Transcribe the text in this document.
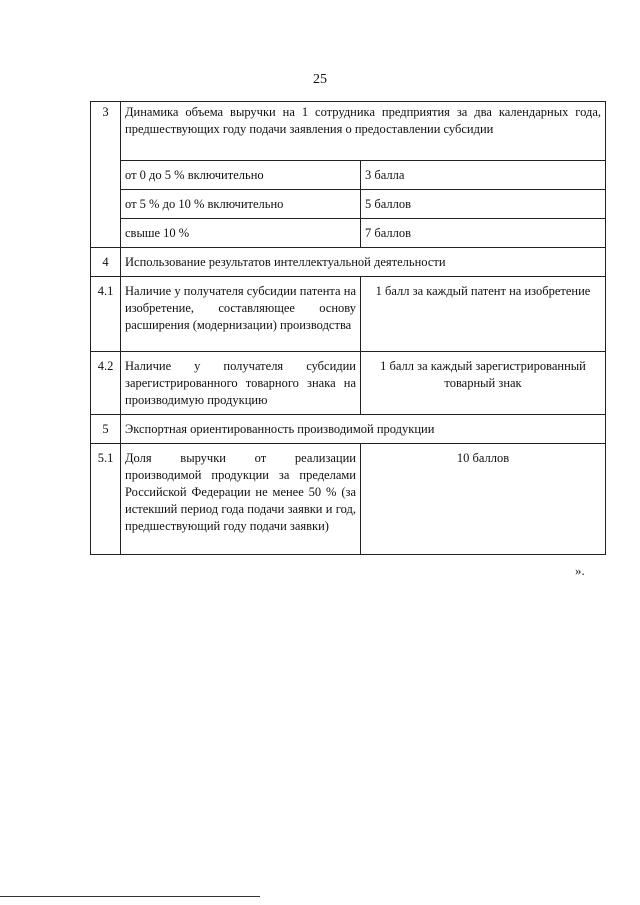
25
3	Динамика объема выручки на 1 сотрудника предприятия за два календарных года, предшествующих году подачи заявления о предоставлении субсидии	
	от 0 до 5 % включительно	3 балла
	от 5 % до 10 % включительно	5 баллов
	свыше 10 %	7 баллов
4	Использование результатов интеллектуальной деятельности	
4.1	Наличие у получателя субсидии патента на изобретение, составляющее основу расширения (модернизации) производства	1 балл за каждый патент на изобретение
4.2	Наличие у получателя субсидии зарегистрированного товарного знака на производимую продукцию	1 балл за каждый зарегистрированный товарный знак
5	Экспортная ориентированность производимой продукции	
5.1	Доля выручки от реализации производимой продукции за пределами Российской Федерации не менее 50 % (за истекший период года подачи заявки и год, предшествующий году подачи заявки)	10 баллов
».
